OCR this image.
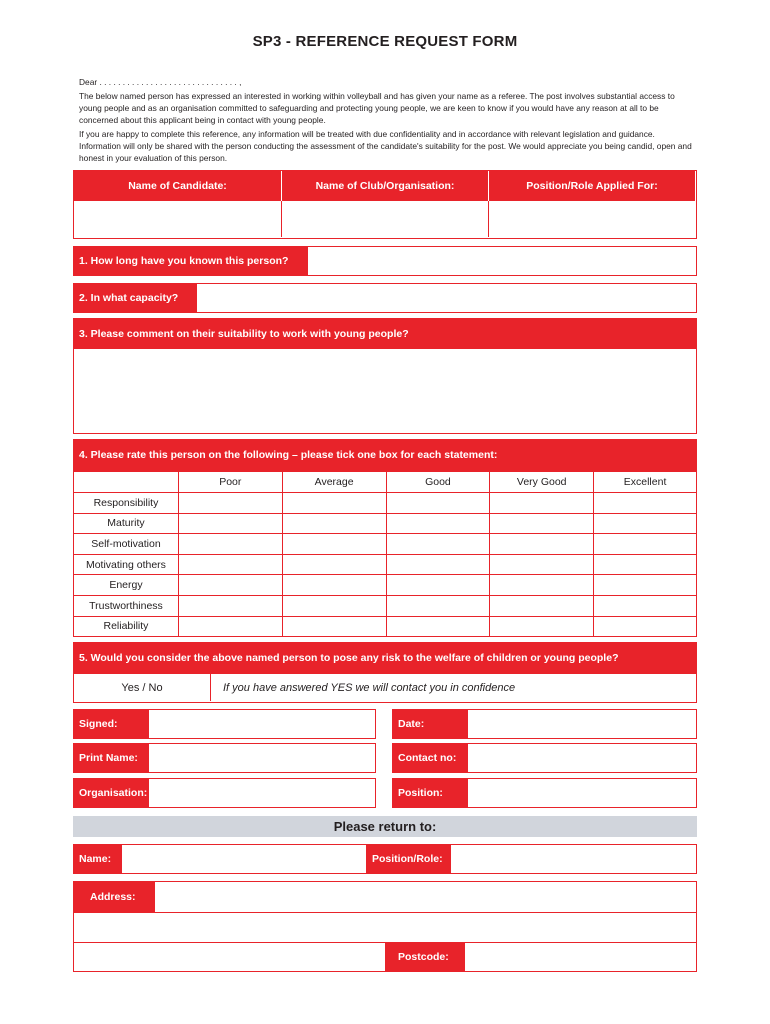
SP3 - REFERENCE REQUEST FORM
Dear . . . . . . . . . . . . . . . . . . . . . . . . . . . . . . ,
The below named person has expressed an interested in working within volleyball and has given your name as a referee. The post involves substantial access to young people and as an organisation committed to safeguarding and protecting young people, we are keen to know if you would have any reason at all to be concerned about this applicant being in contact with young people.
If you are happy to complete this reference, any information will be treated with due confidentiality and in accordance with relevant legislation and guidance. Information will only be shared with the person conducting the assessment of the candidate's suitability for the post. We would appreciate you being candid, open and honest in your evaluation of this person.
Name of Candidate:	Name of Club/Organisation:	Position/Role Applied For:
1. How long have you known this person?
2. In what capacity?
3. Please comment on their suitability to work with young people?
4. Please rate this person on the following – please tick one box for each statement:
	Poor	Average	Good	Very Good	Excellent
Responsibility					
Maturity					
Self-motivation					
Motivating others					
Energy					
Trustworthiness					
Reliability					
5. Would you consider the above named person to pose any risk to the welfare of children or young people?
Yes / No	If you have answered YES we will contact you in confidence
Signed:	Date:
Print Name:	Contact no:
Organisation:	Position:
Please return to:
Name:	Position/Role:
Address:
Postcode:
